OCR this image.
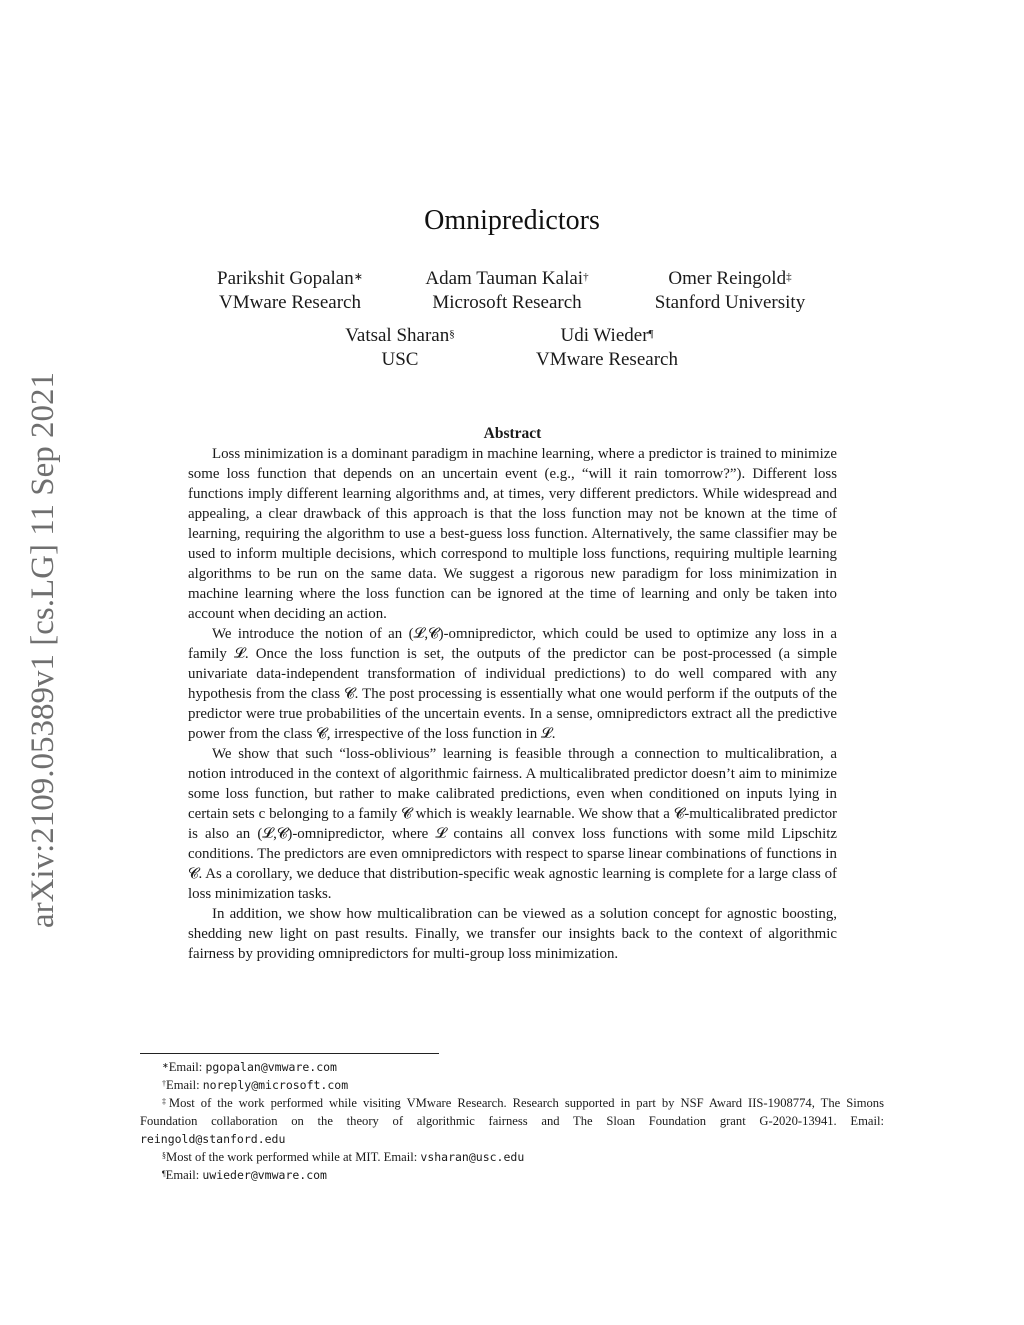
arXiv:2109.05389v1 [cs.LG] 11 Sep 2021
Omnipredictors
Parikshit Gopalan∗
VMware Research
Adam Tauman Kalai†
Microsoft Research
Omer Reingold‡
Stanford University
Vatsal Sharan§
USC
Udi Wieder¶
VMware Research
Abstract

Loss minimization is a dominant paradigm in machine learning, where a predictor is trained to minimize some loss function that depends on an uncertain event (e.g., “will it rain tomorrow?”). Different loss functions imply different learning algorithms and, at times, very different predictors. While widespread and appealing, a clear drawback of this approach is that the loss function may not be known at the time of learning, requiring the algorithm to use a best-guess loss function. Alternatively, the same classifier may be used to inform multiple decisions, which correspond to multiple loss functions, requiring multiple learning algorithms to be run on the same data. We suggest a rigorous new paradigm for loss minimization in machine learning where the loss function can be ignored at the time of learning and only be taken into account when deciding an action.

We introduce the notion of an (𝓛,𝓒)-omnipredictor, which could be used to optimize any loss in a family 𝓛. Once the loss function is set, the outputs of the predictor can be post-processed (a simple univariate data-independent transformation of individual predictions) to do well compared with any hypothesis from the class 𝓒. The post processing is essentially what one would perform if the outputs of the predictor were true probabilities of the uncertain events. In a sense, omnipredictors extract all the predictive power from the class 𝓒, irrespective of the loss function in 𝓛.

We show that such “loss-oblivious” learning is feasible through a connection to multicalibration, a notion introduced in the context of algorithmic fairness. A multicalibrated predictor doesn’t aim to minimize some loss function, but rather to make calibrated predictions, even when conditioned on inputs lying in certain sets c belonging to a family 𝓒 which is weakly learnable. We show that a 𝓒-multicalibrated predictor is also an (𝓛,𝓒)-omnipredictor, where 𝓛 contains all convex loss functions with some mild Lipschitz conditions. The predictors are even omnipredictors with respect to sparse linear combinations of functions in 𝓒. As a corollary, we deduce that distribution-specific weak agnostic learning is complete for a large class of loss minimization tasks.

In addition, we show how multicalibration can be viewed as a solution concept for agnostic boosting, shedding new light on past results. Finally, we transfer our insights back to the context of algorithmic fairness by providing omnipredictors for multi-group loss minimization.

∗Email: pgopalan@vmware.com

†Email: noreply@microsoft.com

‡Most of the work performed while visiting VMware Research. Research supported in part by NSF Award IIS-1908774, The Simons Foundation collaboration on the theory of algorithmic fairness and The Sloan Foundation grant G-2020-13941. Email: reingold@stanford.edu

§Most of the work performed while at MIT. Email: vsharan@usc.edu

¶Email: uwieder@vmware.com
